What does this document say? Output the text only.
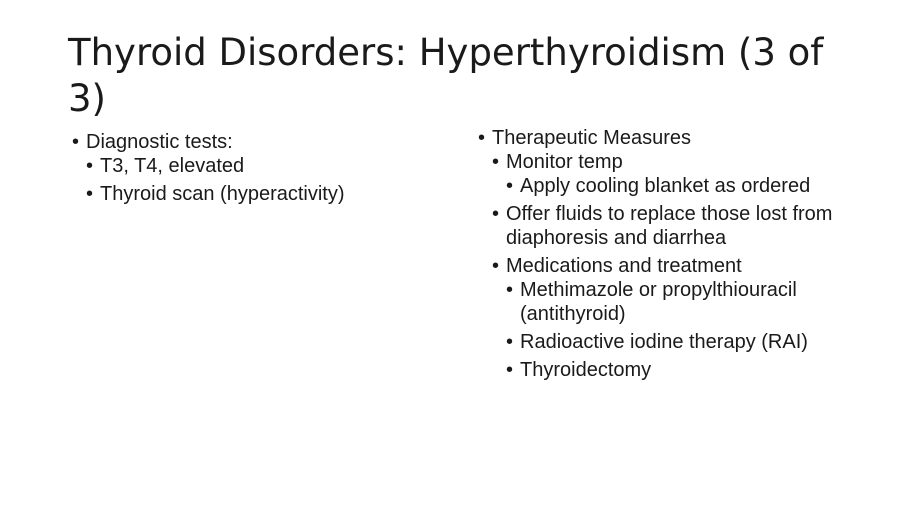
Thyroid Disorders: Hyperthyroidism (3 of 3)
• Diagnostic tests:
• T3, T4, elevated
• Thyroid scan (hyperactivity)
• Therapeutic Measures
• Monitor temp
• Apply cooling blanket as ordered
• Offer fluids to replace those lost from diaphoresis and diarrhea
• Medications and treatment
• Methimazole or propylthiouracil (antithyroid)
• Radioactive iodine therapy (RAI)
• Thyroidectomy
